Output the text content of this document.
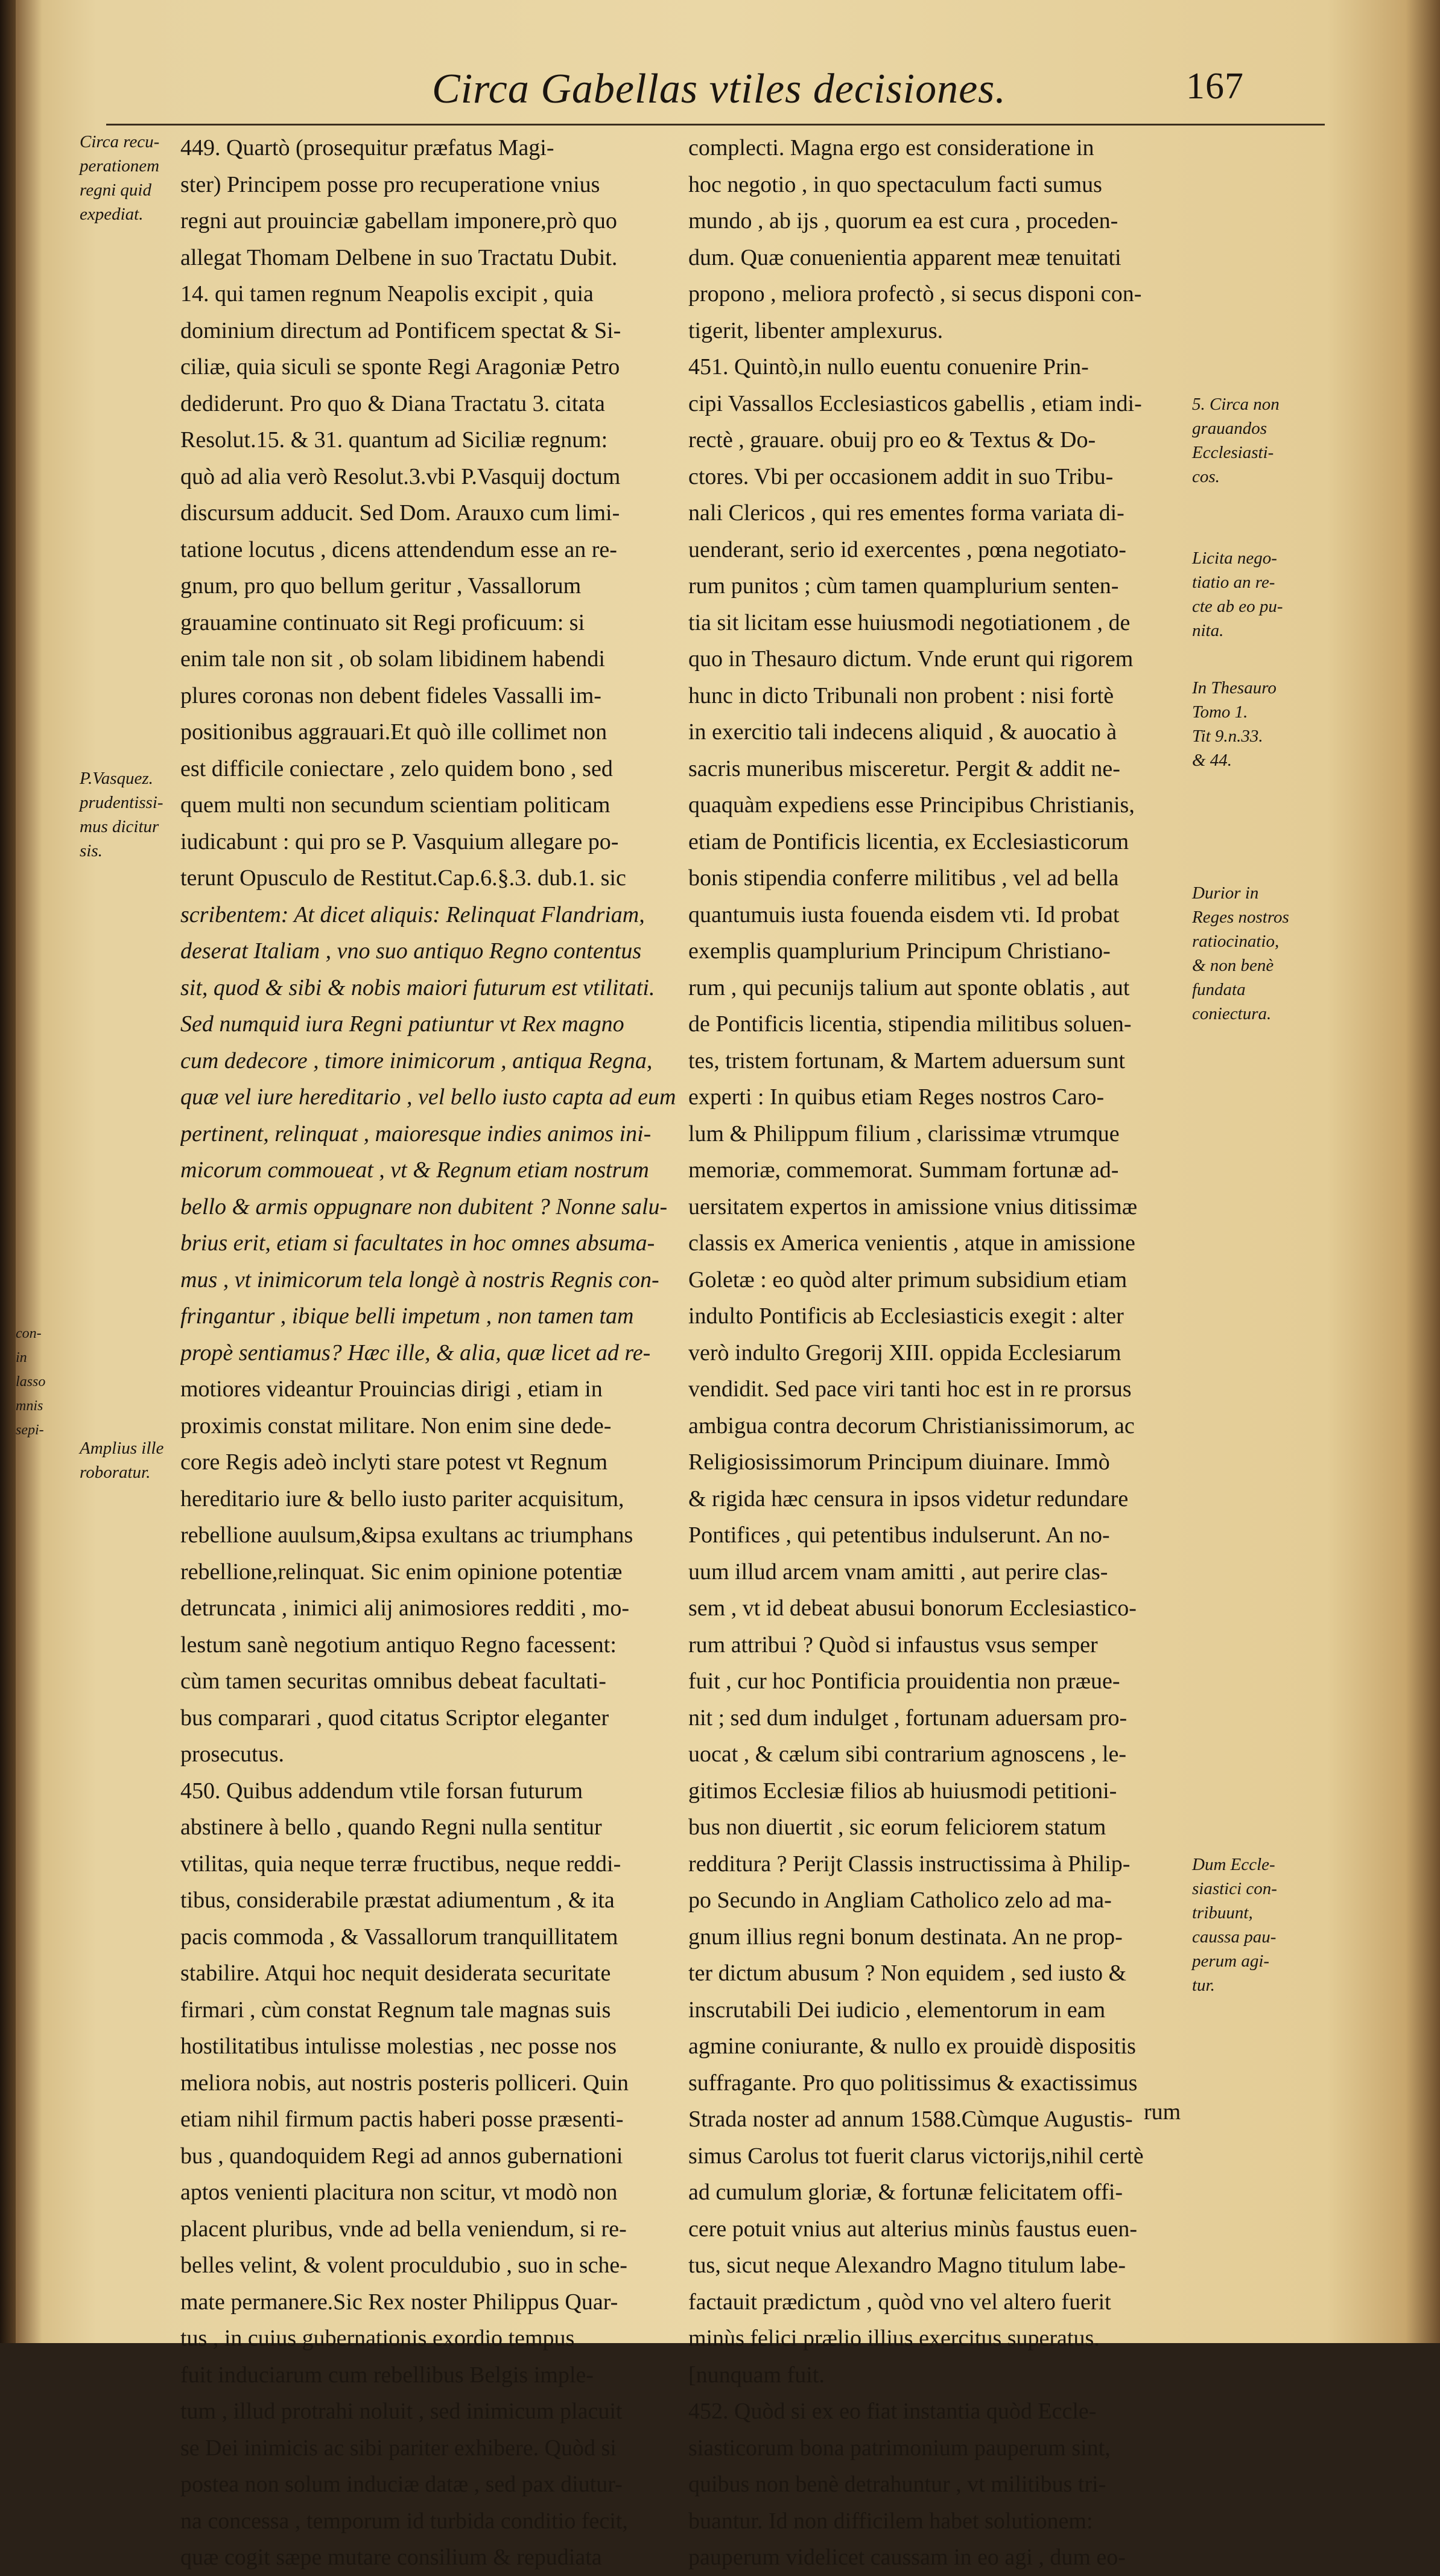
Circa Gabellas vtiles decisiones.	167
449. Quartò (prosequitur præfatus Magi-
ster) Principem posse pro recuperatione vnius
regni aut prouinciæ gabellam imponere,prò quo
allegat Thomam Delbene in suo Tractatu Dubit.
14. qui tamen regnum Neapolis excipit , quia
dominium directum ad Pontificem spectat & Si-
ciliæ, quia siculi se sponte Regi Aragoniæ Petro
dediderunt. Pro quo & Diana Tractatu 3. citata
Resolut.15. & 31. quantum ad Siciliæ regnum:
quò ad alia verò Resolut.3.vbi P.Vasquij doctum
discursum adducit. Sed Dom. Arauxo cum limi-
tatione locutus , dicens attendendum esse an re-
gnum, pro quo bellum geritur , Vassallorum
grauamine continuato sit Regi proficuum: si
enim tale non sit , ob solam libidinem habendi
plures coronas non debent fideles Vassalli im-
positionibus aggrauari.Et quò ille collimet non
est difficile coniectare , zelo quidem bono , sed
quem multi non secundum scientiam politicam
iudicabunt : qui pro se P. Vasquium allegare po-
terunt Opusculo de Restitut.Cap.6.§.3. dub.1. sic
scribentem: At dicet aliquis: Relinquat Flandriam,
deserat Italiam , vno suo antiquo Regno contentus
sit, quod & sibi & nobis maiori futurum est vtilitati.
Sed numquid iura Regni patiuntur vt Rex magno
cum dedecore , timore inimicorum , antiqua Regna,
quæ vel iure hereditario , vel bello iusto capta ad eum
pertinent, relinquat , maioresque indies animos ini-
micorum commoueat , vt & Regnum etiam nostrum
bello & armis oppugnare non dubitent ? Nonne salu-
brius erit, etiam si facultates in hoc omnes absuma-
mus , vt inimicorum tela longè à nostris Regnis con-
fringantur , ibique belli impetum , non tamen tam
propè sentiamus? Hæc ille, & alia, quæ licet ad re-
motiores videantur Prouincias dirigi , etiam in
proximis constat militare. Non enim sine dede-
core Regis adeò inclyti stare potest vt Regnum
hereditario iure & bello iusto pariter acquisitum,
rebellione auulsum,&ipsa exultans ac triumphans
rebellione,relinquat. Sic enim opinione potentiæ
detruncata , inimici alij animosiores redditi , mo-
lestum sanè negotium antiquo Regno facessent:
cùm tamen securitas omnibus debeat facultati-
bus comparari , quod citatus Scriptor eleganter
prosecutus.
450. Quibus addendum vtile forsan futurum
abstinere à bello , quando Regni nulla sentitur
vtilitas, quia neque terræ fructibus, neque reddi-
tibus, considerabile præstat adiumentum , & ita
pacis commoda , & Vassallorum tranquillitatem
stabilire. Atqui hoc nequit desiderata securitate
firmari , cùm constat Regnum tale magnas suis
hostilitatibus intulisse molestias , nec posse nos
meliora nobis, aut nostris posteris polliceri. Quin
etiam nihil firmum pactis haberi posse præsenti-
bus , quandoquidem Regi ad annos gubernationi
aptos venienti placitura non scitur, vt modò non
placent pluribus, vnde ad bella veniendum, si re-
belles velint, & volent proculdubio , suo in sche-
mate permanere.Sic Rex noster Philippus Quar-
tus , in cuius gubernationis exordio tempus
fuit induciarum cum rebellibus Belgis imple-
tum , illud protrahi noluit , sed inimicum placuit
se Dei inimicis ac sibi pariter exhibere. Quòd si
postea non solum induciæ datæ , sed pax diutur-
na concessa , temporum id turbida conditio fecit,
quæ cogit sæpe mutare consilium & repudiata
complecti. Magna ergo est consideratione in
hoc negotio , in quo spectaculum facti sumus
mundo , ab ijs , quorum ea est cura , proceden-
dum. Quæ conuenientia apparent meæ tenuitati
propono , meliora profectò , si secus disponi con-
tigerit, libenter amplexurus.
451. Quintò,in nullo euentu conuenire Prin-
cipi Vassallos Ecclesiasticos gabellis , etiam indi-
rectè , grauare. obuij pro eo & Textus & Do-
ctores. Vbi per occasionem addit in suo Tribu-
nali Clericos , qui res ementes forma variata di-
uenderant, serio id exercentes , pœna negotiato-
rum punitos ; cùm tamen quamplurium senten-
tia sit licitam esse huiusmodi negotiationem , de
quo in Thesauro dictum. Vnde erunt qui rigorem
hunc in dicto Tribunali non probent : nisi fortè
in exercitio tali indecens aliquid , & auocatio à
sacris muneribus misceretur. Pergit & addit ne-
quaquàm expediens esse Principibus Christianis,
etiam de Pontificis licentia, ex Ecclesiasticorum
bonis stipendia conferre militibus , vel ad bella
quantumuis iusta fouenda eisdem vti. Id probat
exemplis quamplurium Principum Christiano-
rum , qui pecunijs talium aut sponte oblatis , aut
de Pontificis licentia, stipendia militibus soluen-
tes, tristem fortunam, & Martem aduersum sunt
experti : In quibus etiam Reges nostros Caro-
lum & Philippum filium , clarissimæ vtrumque
memoriæ, commemorat. Summam fortunæ ad-
uersitatem expertos in amissione vnius ditissimæ
classis ex America venientis , atque in amissione
Goletæ : eo quòd alter primum subsidium etiam
indulto Pontificis ab Ecclesiasticis exegit : alter
verò indulto Gregorij XIII. oppida Ecclesiarum
vendidit. Sed pace viri tanti hoc est in re prorsus
ambigua contra decorum Christianissimorum, ac
Religiosissimorum Principum diuinare. Immò
& rigida hæc censura in ipsos videtur redundare
Pontifices , qui petentibus indulserunt. An no-
uum illud arcem vnam amitti , aut perire clas-
sem , vt id debeat abusui bonorum Ecclesiastico-
rum attribui ? Quòd si infaustus vsus semper
fuit , cur hoc Pontificia prouidentia non præue-
nit ; sed dum indulget , fortunam aduersam pro-
uocat , & cælum sibi contrarium agnoscens , le-
gitimos Ecclesiæ filios ab huiusmodi petitioni-
bus non diuertit , sic eorum feliciorem statum
redditura ? Perijt Classis instructissima à Philip-
po Secundo in Angliam Catholico zelo ad ma-
gnum illius regni bonum destinata. An ne prop-
ter dictum abusum ? Non equidem , sed iusto &
inscrutabili Dei iudicio , elementorum in eam
agmine coniurante, & nullo ex prouidè dispositis
suffragante. Pro quo politissimus & exactissimus
Strada noster ad annum 1588.Cùmque Augustis-
simus Carolus tot fuerit clarus victorijs,nihil certè
ad cumulum gloriæ, & fortunæ felicitatem offi-
cere potuit vnius aut alterius minùs faustus euen-
tus, sicut neque Alexandro Magno titulum labe-
factauit prædictum , quòd vno vel altero fuerit
minùs felici prælio illius exercitus superatus.
[nunquam fuit.
452. Quòd si ex eo fiat instantia quòd Eccle-
siasticorum bona patrimonium pauperum sint,
quibus non benè detrahuntur , vt militibus tri-
buantur. Id non difficilem habet solutionem:
pauperum videlicet caussam in eo agi , dum eo-
Circa recu-
perationem
regni quid
expediat.
P.Vasquez.
prudentissi-
mus dicitur
sis.
Amplius ille
roboratur.
con-
in
lasso
mnis
sepi-
5. Circa non
grauandos
Ecclesiasti-
cos.
Licita nego-
tiatio an re-
cte ab eo pu-
nita.
In Thesauro
Tomo 1.
Tit 9.n.33.
& 44.
Durior in
Reges nostros
ratiocinatio,
& non benè
fundata
coniectura.
Dum Eccle-
siastici con-
tribuunt,
caussa pau-
perum agi-
tur.
rum
